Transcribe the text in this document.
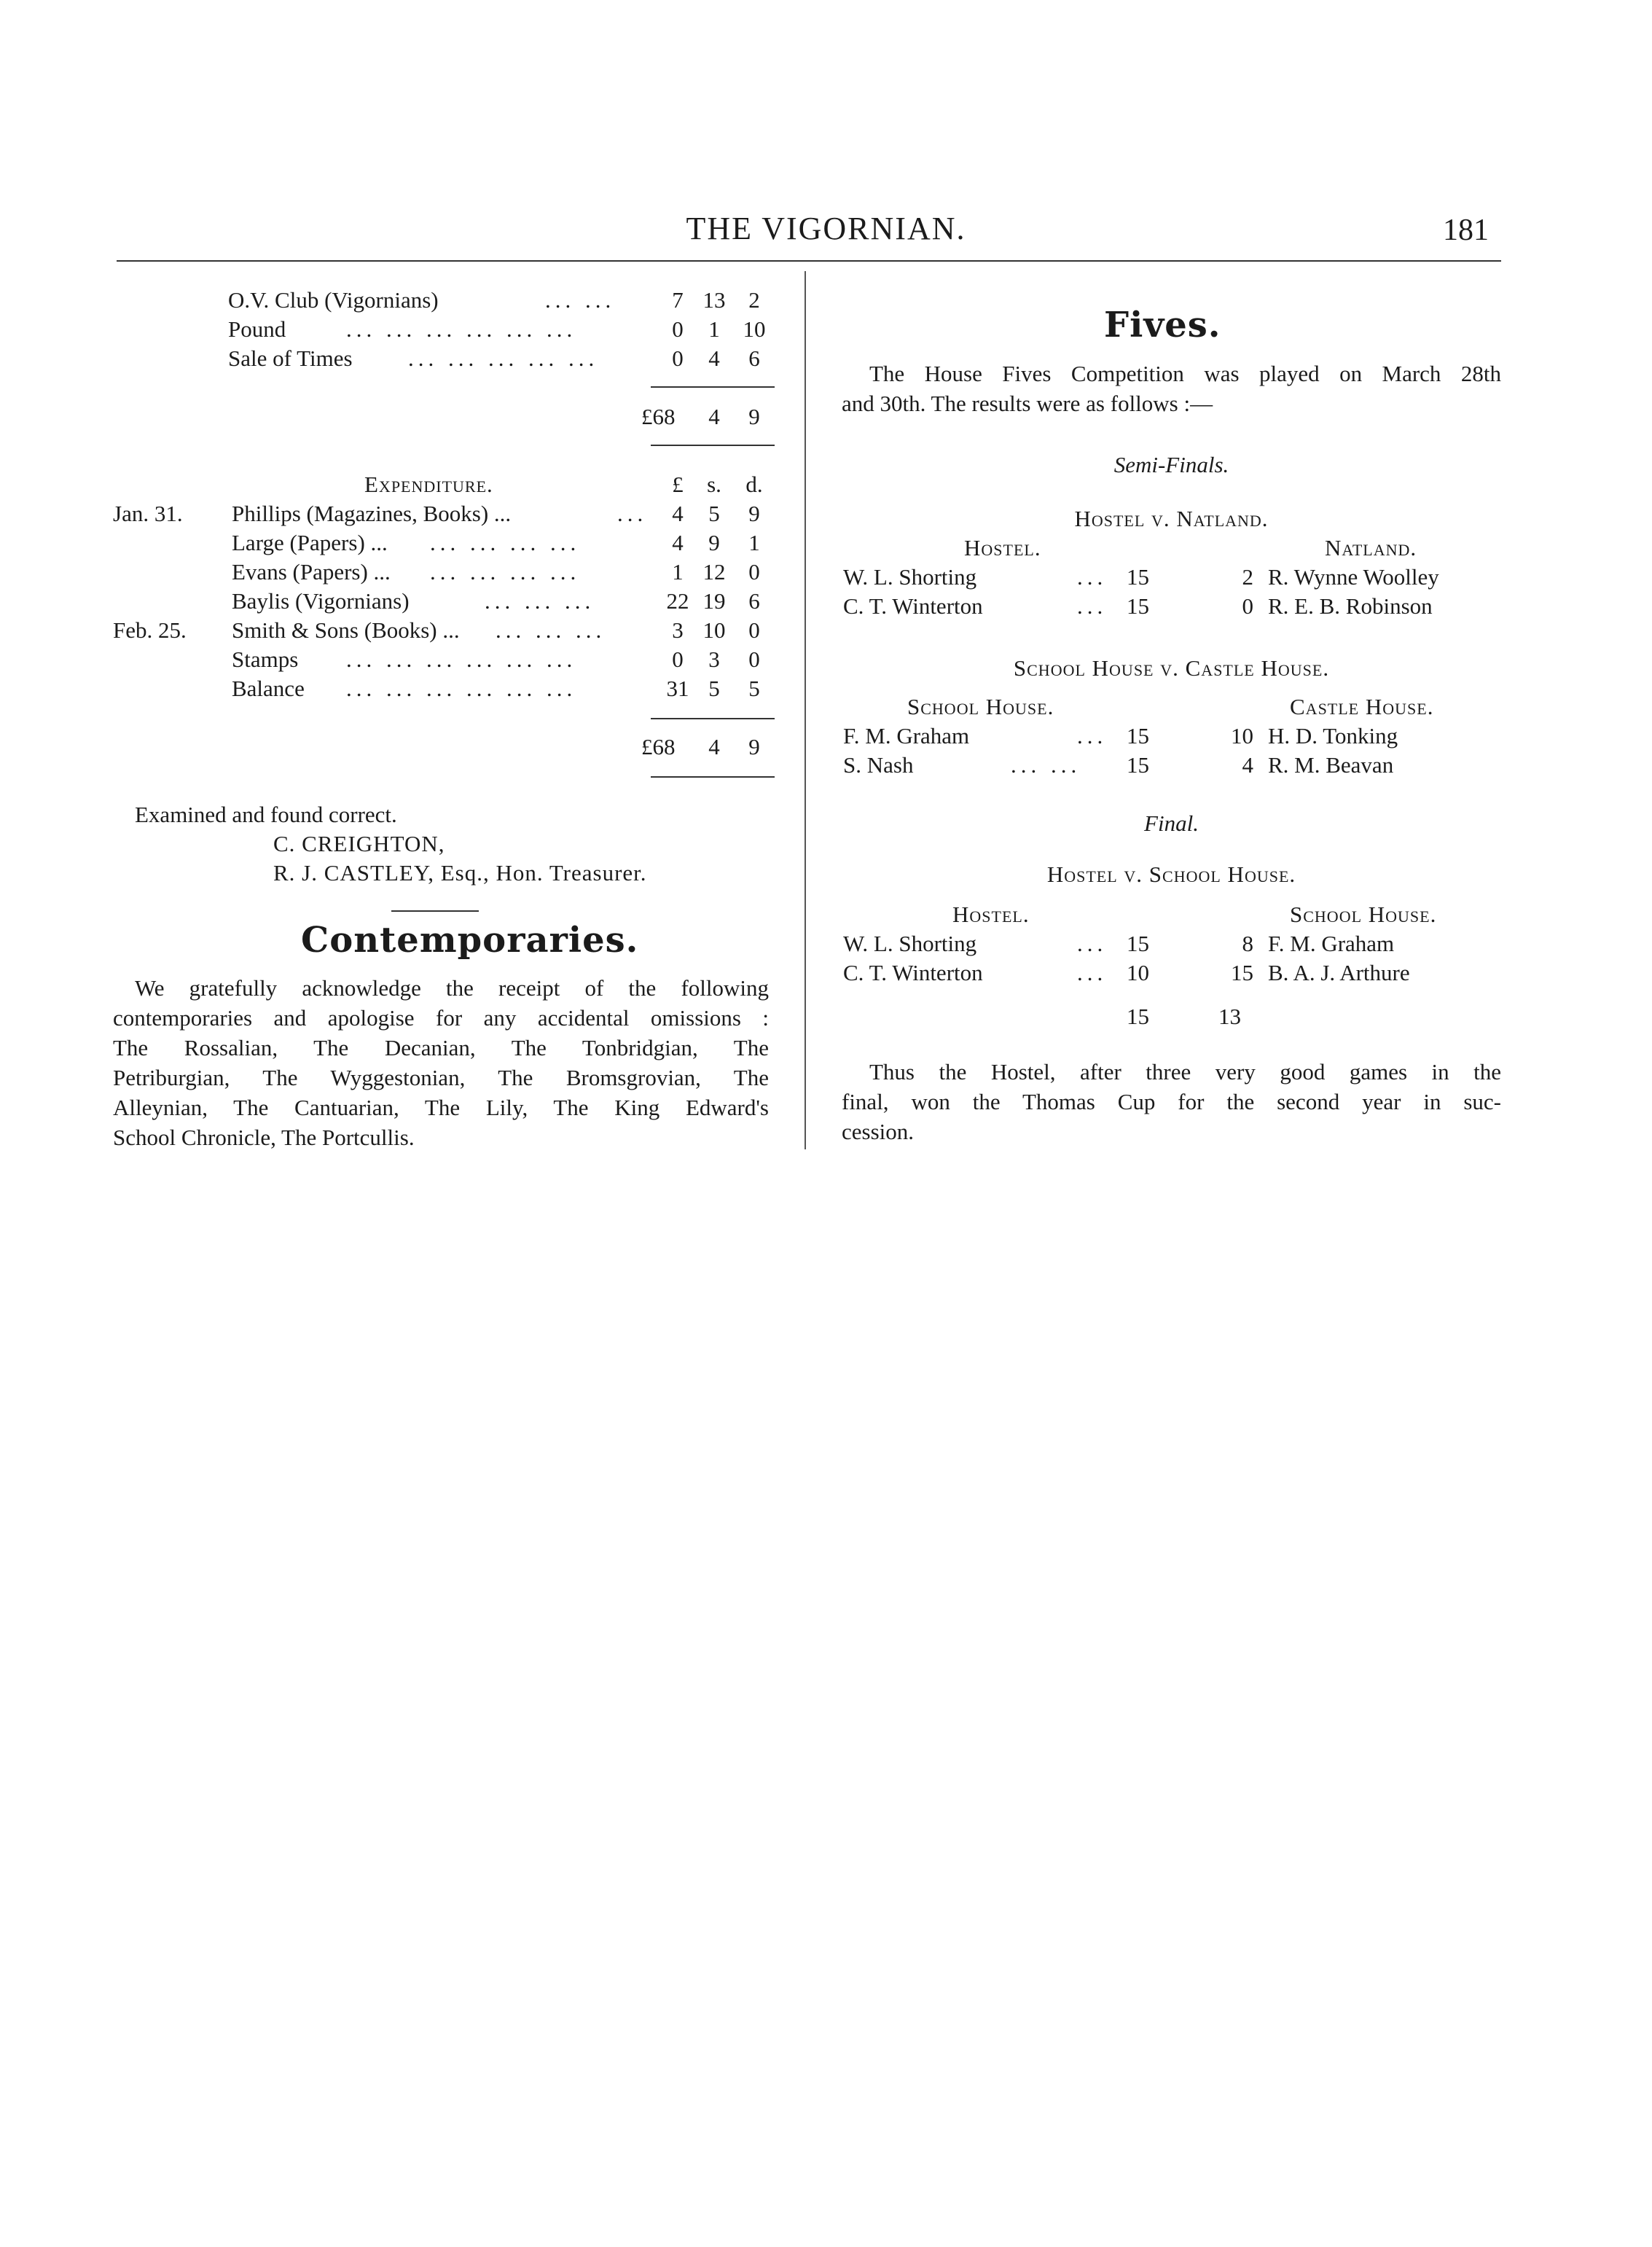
THE VIGORNIAN.	181
O.V. Club (Vigornians)	... ...	7 13	2
Pound	... ... ... ... ... ...	0	1	10
Sale of Times ... ... ... ... ...	0	4	6
£68	4	9
Expenditure.	£	s.	d.
Jan. 31. Phillips (Magazines, Books) ...	...	4	5	9
Large (Papers) ... ... ... ... ...	4	9	1
Evans (Papers) ... ... ... ... ...	1 12	0
Baylis (Vigornians)	... ... ...	22 19	6
Feb. 25. Smith & Sons (Books) ... ... ... ...	3 10	0
Stamps ... ... ... ... ... ...	0	3	0
Balance ... ... ... ... ... ...	31 5	5
£68	4	9
Examined and found correct.
C. CREIGHTON,
R. J. CASTLEY, Esq., Hon. Treasurer.
Contemporaries.
We gratefully acknowledge the receipt of the following
contemporaries and apologise for any accidental omissions :
The Rossalian, The Decanian, The Tonbridgian, The
Petriburgian, The Wyggestonian, The Bromsgrovian, The
Alleynian, The Cantuarian, The Lily, The King Edward's
School Chronicle, The Portcullis.
Fives.
The House Fives Competition was played on March 28th
and 30th. The results were as follows :—
Semi-Finals.
Hostel v. Natland.
Hostel.	Natland.
W. L. Shorting	... 15	2 R. Wynne Woolley
C. T. Winterton	... 15	0 R. E. B. Robinson
School House v. Castle House.
School House.	Castle House.
F. M. Graham	... 15	10 H. D. Tonking
S. Nash	... ... 15	4 R. M. Beavan
Final.
Hostel v. School House.
Hostel.	School House.
W. L. Shorting	... 15	8 F. M. Graham
C. T. Winterton	... 10	15 B. A. J. Arthure
15	13
Thus the Hostel, after three very good games in the
final, won the Thomas Cup for the second year in suc-
cession.
